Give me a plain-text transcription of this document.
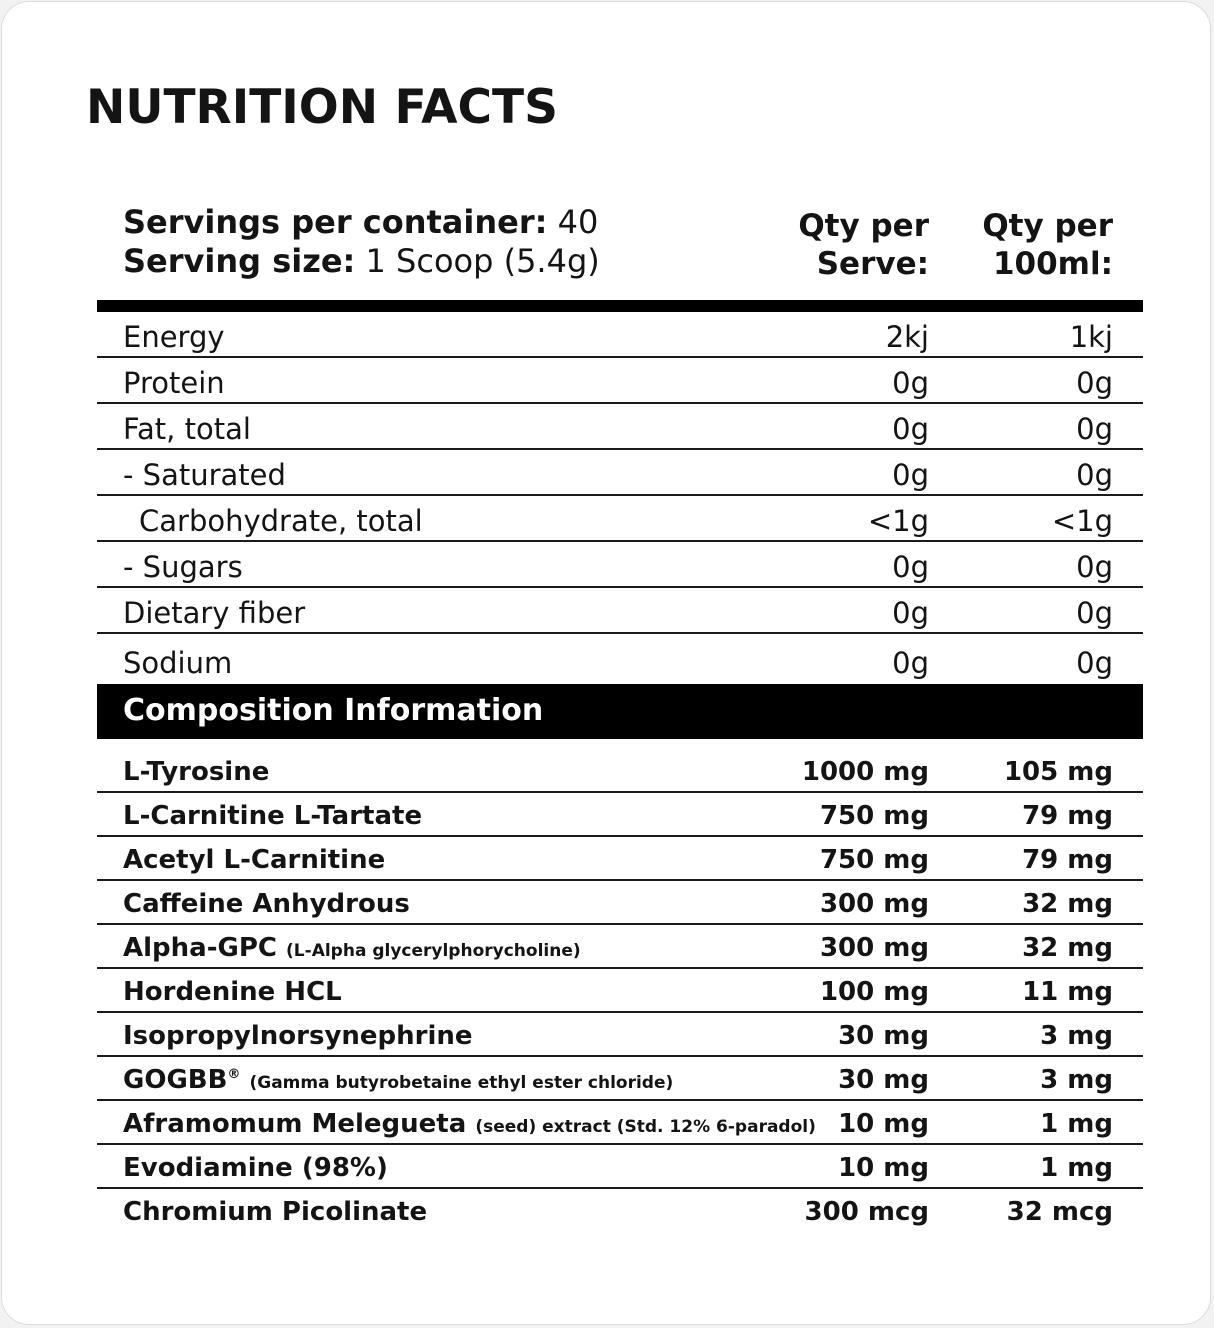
NUTRITION FACTS
Servings per container: 40
Serving size: 1 Scoop (5.4g)
Qty per
Serve:
Qty per
100ml:
Energy	2kj	1kj
Protein	0g	0g
Fat, total	0g	0g
- Saturated	0g	0g
Carbohydrate, total	<1g	<1g
- Sugars	0g	0g
Dietary fiber	0g	0g
Sodium	0g	0g
Composition Information
L-Tyrosine	1000 mg	105 mg
L-Carnitine L-Tartate	750 mg	79 mg
Acetyl L-Carnitine	750 mg	79 mg
Caffeine Anhydrous	300 mg	32 mg
Alpha-GPC (L-Alpha glycerylphorycholine)	300 mg	32 mg
Hordenine HCL	100 mg	11 mg
Isopropylnorsynephrine	30 mg	3 mg
GOGBB® (Gamma butyrobetaine ethyl ester chloride)	30 mg	3 mg
Aframomum Melegueta (seed) extract (Std. 12% 6-paradol) 10 mg	1 mg
Evodiamine (98%)	10 mg	1 mg
Chromium Picolinate	300 mcg	32 mcg
